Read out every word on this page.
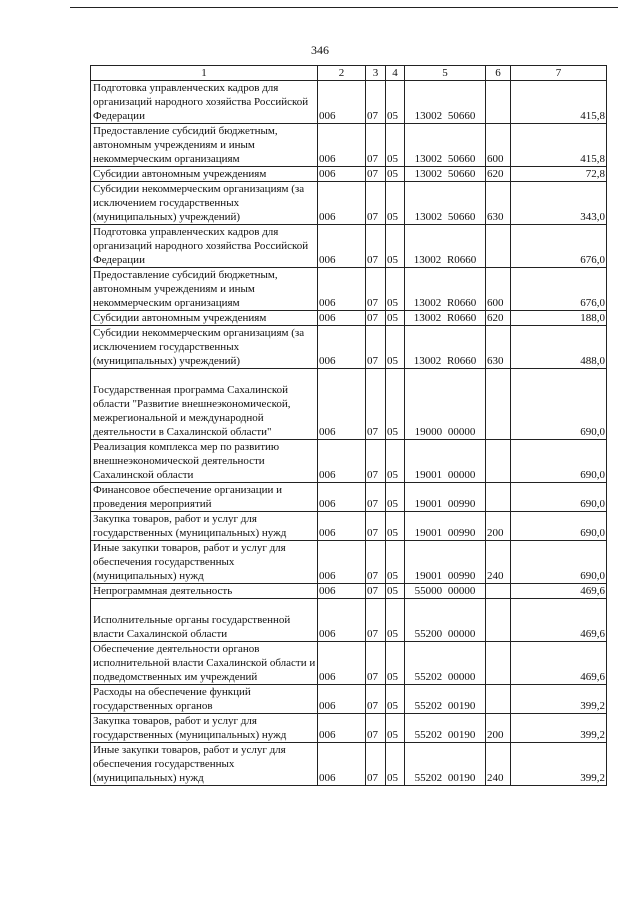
346
1	2	3	4	5	6	7
Подготовка управленческих кадров для организаций народного хозяйства Российской Федерации	006	07	05	13002 50660		415,8
Предоставление субсидий бюджетным, автономным учреждениям и иным некоммерческим организациям	006	07	05	13002 50660	600	415,8
Субсидии автономным учреждениям	006	07	05	13002 50660	620	72,8
Субсидии некоммерческим организациям (за исключением государственных (муниципальных) учреждений)	006	07	05	13002 50660	630	343,0
Подготовка управленческих кадров для организаций народного хозяйства Российской Федерации	006	07	05	13002 R0660		676,0
Предоставление субсидий бюджетным, автономным учреждениям и иным некоммерческим организациям	006	07	05	13002 R0660	600	676,0
Субсидии автономным учреждениям	006	07	05	13002 R0660	620	188,0
Субсидии некоммерческим организациям (за исключением государственных (муниципальных) учреждений)	006	07	05	13002 R0660	630	488,0
Государственная программа Сахалинской области "Развитие внешнеэкономической, межрегиональной и международной деятельности в Сахалинской области"	006	07	05	19000 00000		690,0
Реализация комплекса мер по развитию внешнеэкономической деятельности Сахалинской области	006	07	05	19001 00000		690,0
Финансовое обеспечение организации и проведения мероприятий	006	07	05	19001 00990		690,0
Закупка товаров, работ и услуг для государственных (муниципальных) нужд	006	07	05	19001 00990	200	690,0
Иные закупки товаров, работ и услуг для обеспечения государственных (муниципальных) нужд	006	07	05	19001 00990	240	690,0
Непрограммная деятельность	006	07	05	55000 00000		469,6
Исполнительные органы государственной власти Сахалинской области	006	07	05	55200 00000		469,6
Обеспечение деятельности органов исполнительной власти Сахалинской области и подведомственных им учреждений	006	07	05	55202 00000		469,6
Расходы на обеспечение функций государственных органов	006	07	05	55202 00190		399,2
Закупка товаров, работ и услуг для государственных (муниципальных) нужд	006	07	05	55202 00190	200	399,2
Иные закупки товаров, работ и услуг для обеспечения государственных (муниципальных) нужд	006	07	05	55202 00190	240	399,2
